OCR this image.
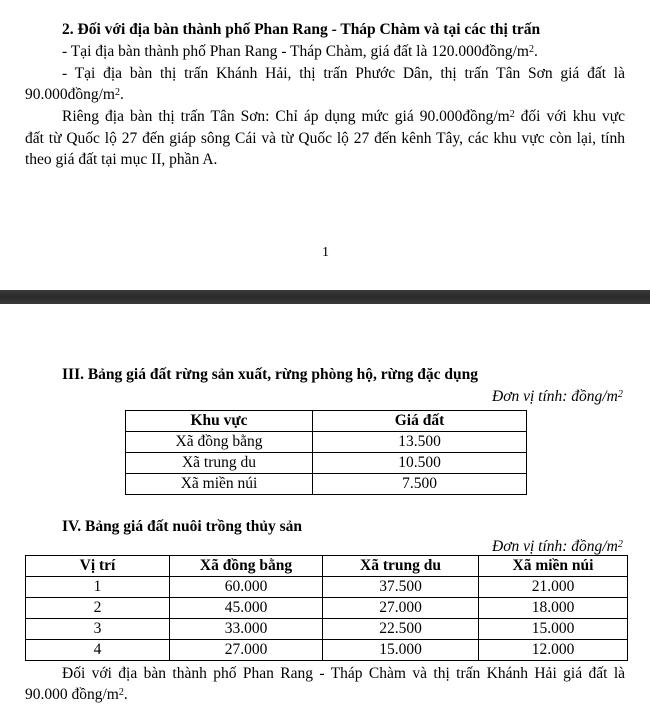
2. Đối với địa bàn thành phố Phan Rang - Tháp Chàm và tại các thị trấn
- Tại địa bàn thành phố Phan Rang - Tháp Chàm, giá đất là $120.000đồng/m^2$.
- Tại địa bàn thị trấn Khánh Hải, thị trấn Phước Dân, thị trấn Tân Sơn giá đất là
$90.000đồng/m^2$.
Riêng địa bàn thị trấn Tân Sơn: Chỉ áp dụng mức giá $90.000đồng/m^2$ đối với khu vực
đất từ Quốc lộ 27 đến giáp sông Cái và từ Quốc lộ 27 đến kênh Tây, các khu vực còn lại, tính
theo giá đất tại mục II, phần A.
1
III. Bảng giá đất rừng sản xuất, rừng phòng hộ, rừng đặc dụng
Đơn vị tính: đồng/$m^2$
Khu vực	Giá đất
Xã đồng bằng	13.500
Xã trung du	10.500
Xã miền núi	7.500
IV. Bảng giá đất nuôi trồng thủy sản
Đơn vị tính: đồng/$m^2$
Vị trí	Xã đồng bằng	Xã trung du	Xã miền núi
1	60.000	37.500	21.000
2	45.000	27.000	18.000
3	33.000	22.500	15.000
4	27.000	15.000	12.000
Đối với địa bàn thành phố Phan Rang - Tháp Chàm và thị trấn Khánh Hải giá đất là
90.000 đồng/$m^2$.
